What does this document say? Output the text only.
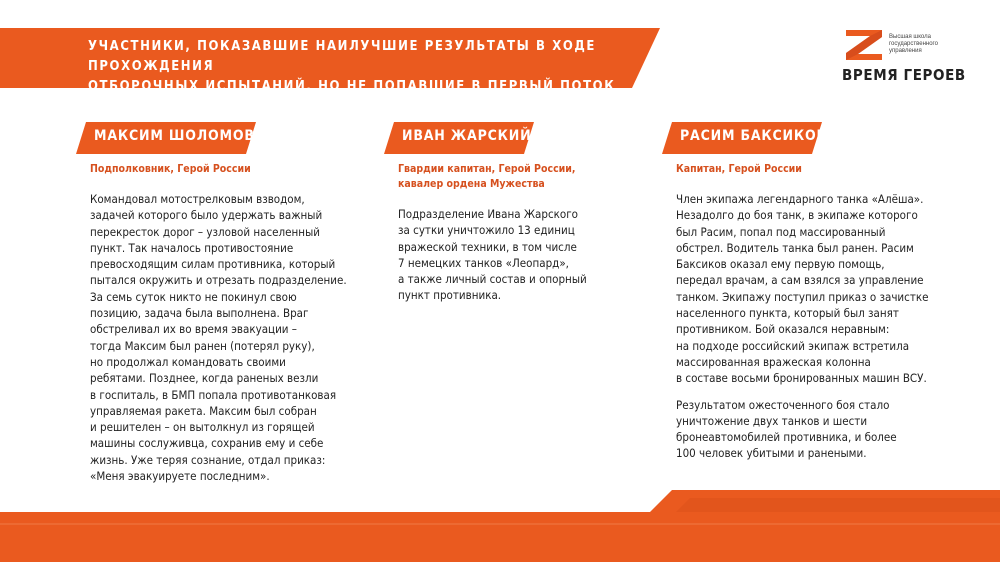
УЧАСТНИКИ, ПОКАЗАВШИЕ НАИЛУЧШИЕ РЕЗУЛЬТАТЫ В ХОДЕ ПРОХОЖДЕНИЯ
ОТБОРОЧНЫХ ИСПЫТАНИЙ, НО НЕ ПОПАВШИЕ В ПЕРВЫЙ ПОТОК ОБУЧЕНИЯ
Высшая школа государственного управления
ВРЕМЯ ГЕРОЕВ
МАКСИМ ШОЛОМОВ
Подполковник, Герой России

Командовал мотострелковым взводом,
задачей которого было удержать важный
перекресток дорог – узловой населенный
пункт. Так началось противостояние
превосходящим силам противника, который
пытался окружить и отрезать подразделение.
За семь суток никто не покинул свою
позицию, задача была выполнена. Враг
обстреливал их во время эвакуации –
тогда Максим был ранен (потерял руку),
но продолжал командовать своими
ребятами. Позднее, когда раненых везли
в госпиталь, в БМП попала противотанковая
управляемая ракета. Максим был собран
и решителен – он вытолкнул из горящей
машины сослуживца, сохранив ему и себе
жизнь. Уже теряя сознание, отдал приказ:
«Меня эвакуируете последним».

ИВАН ЖАРСКИЙ
Гвардии капитан, Герой России,
кавалер ордена Мужества

Подразделение Ивана Жарского
за сутки уничтожило 13 единиц
вражеской техники, в том числе
7 немецких танков «Леопард»,
а также личный состав и опорный
пункт противника.

РАСИМ БАКСИКОВ
Капитан, Герой России

Член экипажа легендарного танка «Алёша».
Незадолго до боя танк, в экипаже которого
был Расим, попал под массированный
обстрел. Водитель танка был ранен. Расим
Баксиков оказал ему первую помощь,
передал врачам, а сам взялся за управление
танком. Экипажу поступил приказ о зачистке
населенного пункта, который был занят
противником. Бой оказался неравным:
на подходе российский экипаж встретила
массированная вражеская колонна
в составе восьми бронированных машин ВСУ.

Результатом ожесточенного боя стало
уничтожение двух танков и шести
бронеавтомобилей противника, и более
100 человек убитыми и ранеными.
